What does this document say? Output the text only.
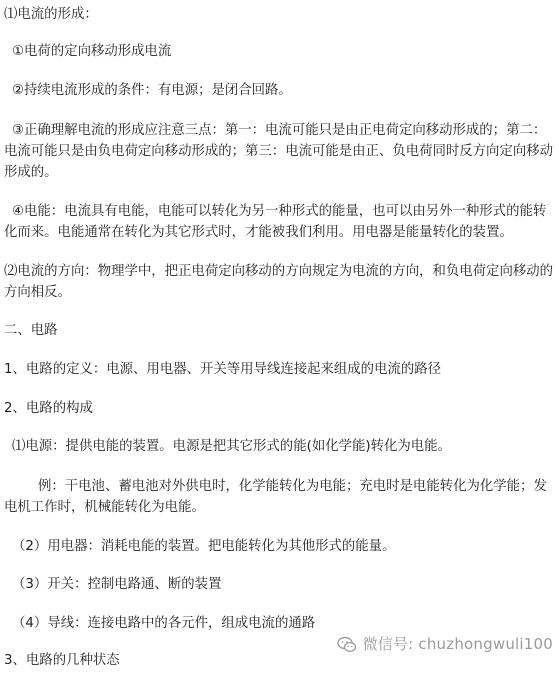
⑴电流的形成：

①电荷的定向移动形成电流

②持续电流形成的条件：有电源；是闭合回路。

③正确理解电流的形成应注意三点：第一：电流可能只是由正电荷定向移动形成的；第二：电流可能只是由负电荷定向移动形成的；第三：电流可能是由正、负电荷同时反方向定向移动形成的。

④电能：电流具有电能，电能可以转化为另一种形式的能量，也可以由另外一种形式的能转化而来。电能通常在转化为其它形式时，才能被我们利用。用电器是能量转化的装置。

⑵电流的方向：物理学中，把正电荷定向移动的方向规定为电流的方向，和负电荷定向移动的方向相反。

二、电路

1、电路的定义：电源、用电器、开关等用导线连接起来组成的电流的路径

2、电路的构成

⑴电源：提供电能的装置。电源是把其它形式的能(如化学能)转化为电能。

例：干电池、蓄电池对外供电时，化学能转化为电能；充电时是电能转化为化学能；发电机工作时，机械能转化为电能。

（2）用电器：消耗电能的装置。把电能转化为其他形式的能量。

（3）开关：控制电路通、断的装置

（4）导线：连接电路中的各元件，组成电流的通路

3、电路的几种状态

微信号: chuzhongwuli100
